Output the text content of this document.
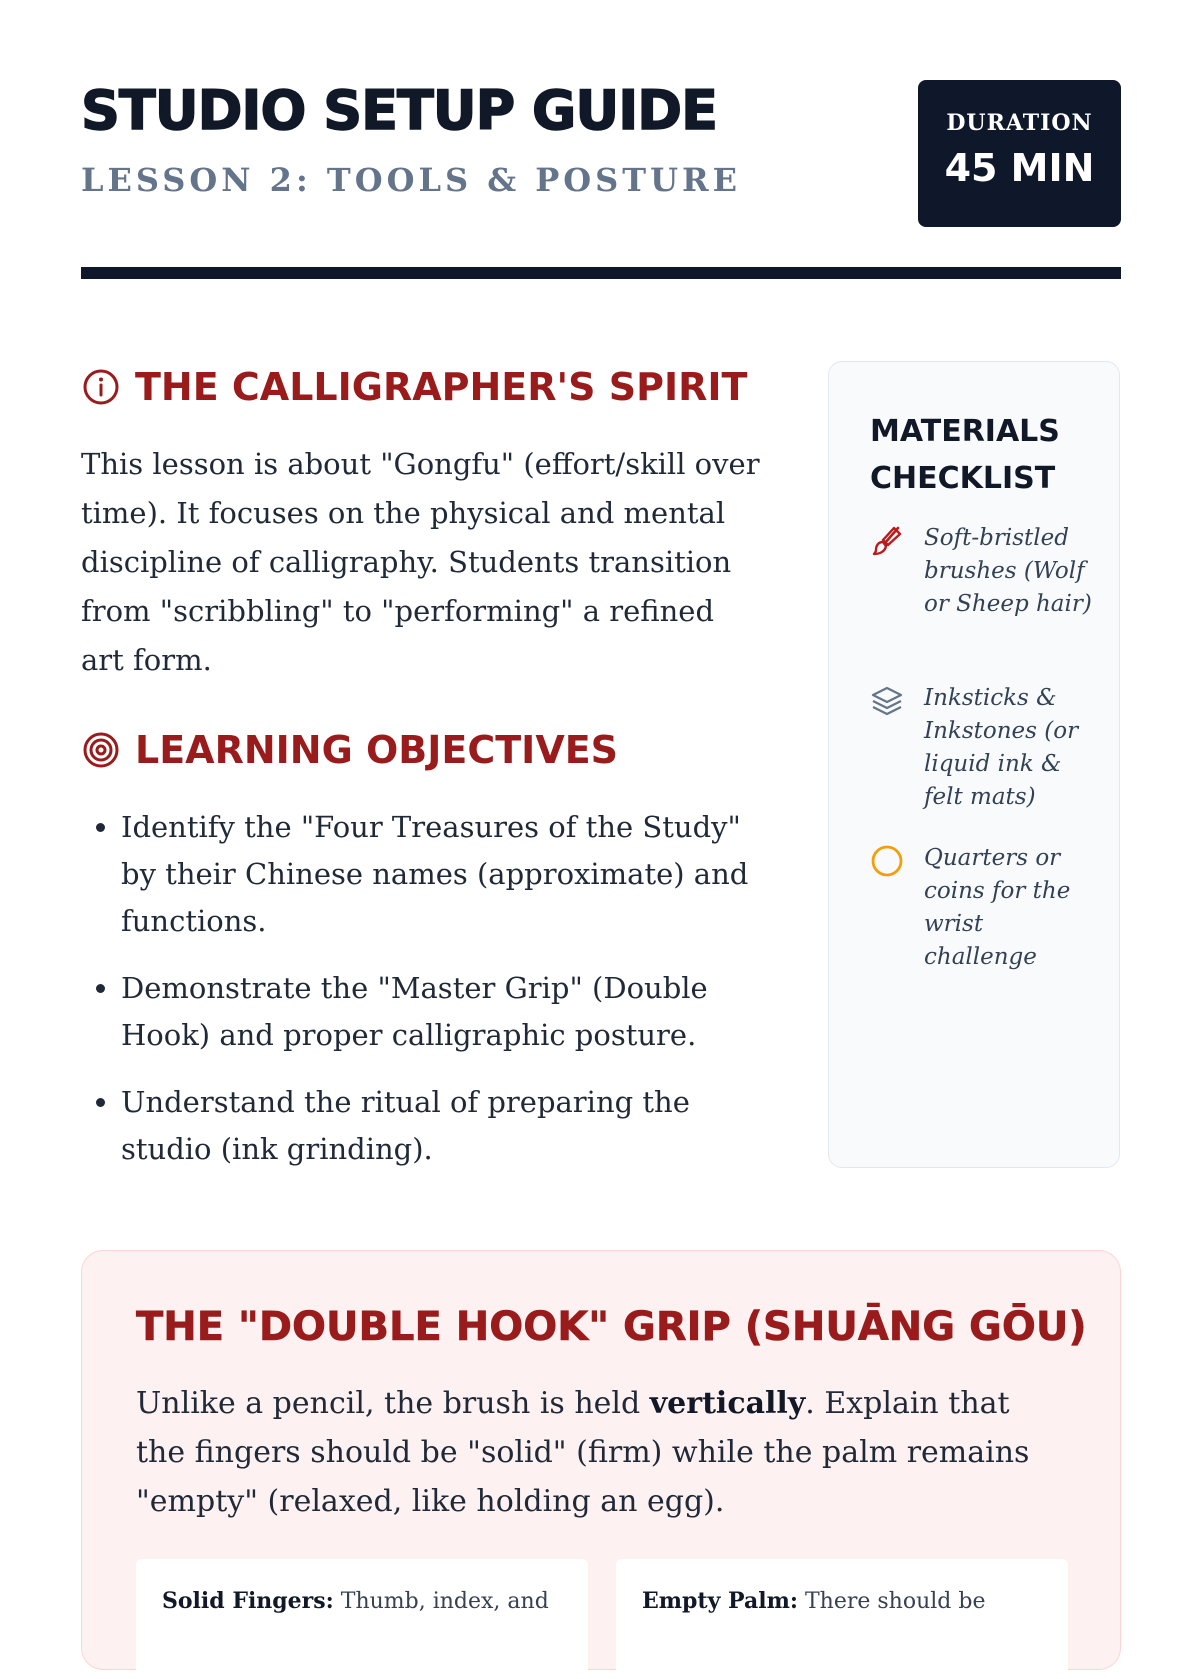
STUDIO SETUP GUIDE
LESSON 2: TOOLS & POSTURE
DURATION
45 MIN
THE CALLIGRAPHER'S SPIRIT

This lesson is about "Gongfu" (effort/skill over time). It focuses on the physical and mental discipline of calligraphy. Students transition from "scribbling" to "performing" a refined art form.

LEARNING OBJECTIVES
• Identify the "Four Treasures of the Study" by their Chinese names (approximate) and functions.
• Demonstrate the "Master Grip" (Double Hook) and proper calligraphic posture.
• Understand the ritual of preparing the studio (ink grinding).
MATERIALS CHECKLIST
Soft-bristled brushes (Wolf or Sheep hair)
Inksticks & Inkstones (or liquid ink & felt mats)
Quarters or coins for the wrist challenge
THE "DOUBLE HOOK" GRIP (SHUĀNG GŌU)

Unlike a pencil, the brush is held vertically. Explain that the fingers should be "solid" (firm) while the palm remains "empty" (relaxed, like holding an egg).

Solid Fingers: Thumb, index, and	Empty Palm: There should be
